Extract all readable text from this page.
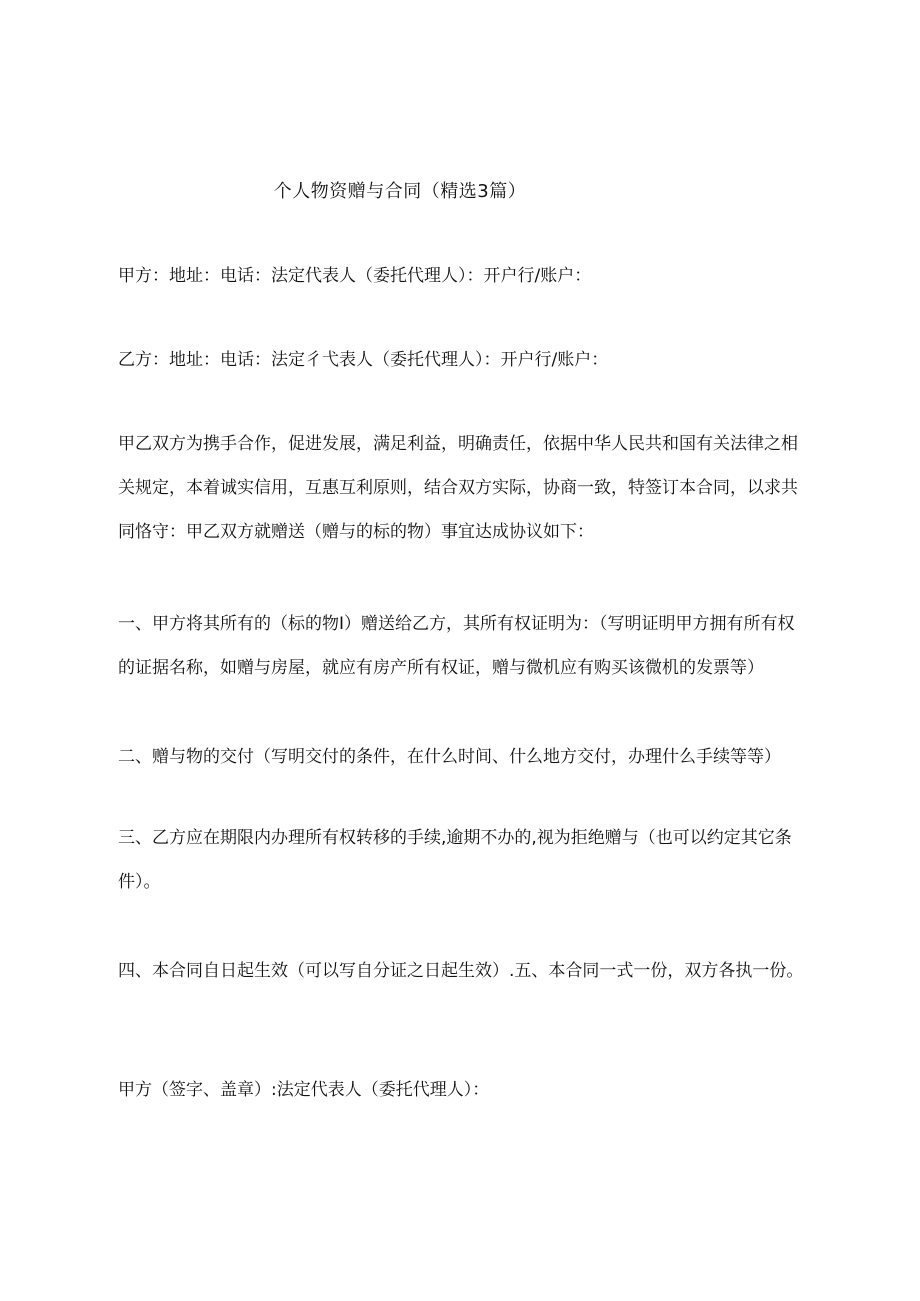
个人物资赠与合同（精选3篇）

甲方：地址：电话：法定代表人（委托代理人）：开户行/账户：

乙方：地址：电话：法定彳弋表人（委托代理人）：开户行/账户：

甲乙双方为携手合作，促进发展，满足利益，明确责任，依据中华人民共和国有关法律之相关规定，本着诚实信用，互惠互利原则，结合双方实际，协商一致，特签订本合同，以求共同恪守：甲乙双方就赠送（赠与的标的物）事宜达成协议如下：

一、甲方将其所有的（标的物I）赠送给乙方，其所有权证明为：（写明证明甲方拥有所有权的证据名称，如赠与房屋，就应有房产所有权证，赠与微机应有购买该微机的发票等）

二、赠与物的交付（写明交付的条件，在什么时间、什么地方交付，办理什么手续等等）

三、乙方应在期限内办理所有权转移的手续,逾期不办的,视为拒绝赠与（也可以约定其它条件）。

四、本合同自日起生效（可以写自分证之日起生效）.五、本合同一式一份，双方各执一份。

甲方（签字、盖章）:法定代表人（委托代理人）：
